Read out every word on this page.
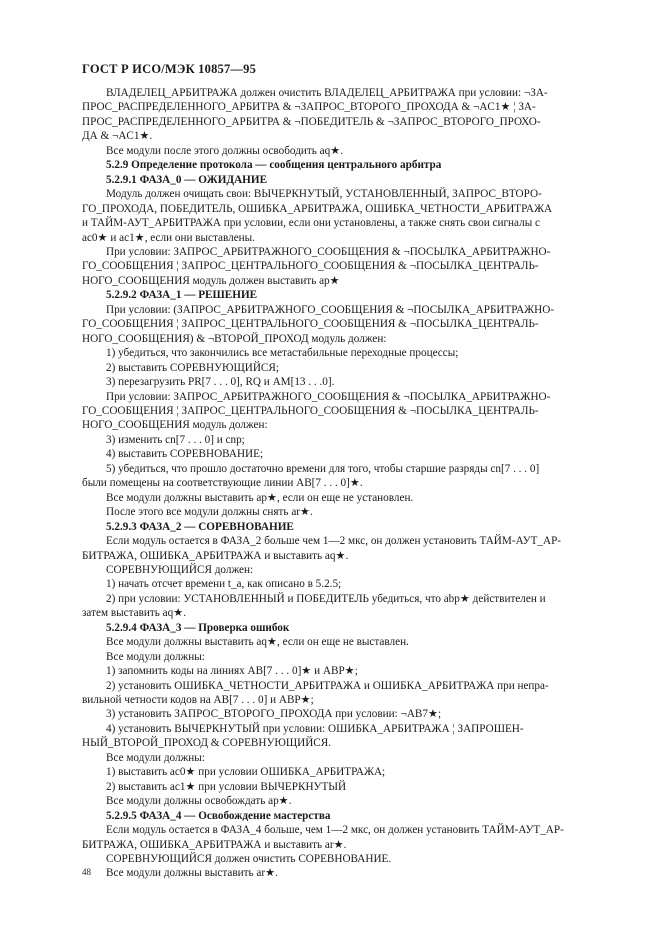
ГОСТ Р ИСО/МЭК 10857—95
ВЛАДЕЛЕЦ_АРБИТРАЖА должен очистить ВЛАДЕЛЕЦ_АРБИТРАЖА при условии: ¬ЗА-
ПРОС_РАСПРЕДЕЛЕННОГО_АРБИТРА & ¬ЗАПРОС_ВТОРОГО_ПРОХОДА & ¬AC1★ ¦ ЗА-
ПРОС_РАСПРЕДЕЛЕННОГО_АРБИТРА & ¬ПОБЕДИТЕЛЬ & ¬ЗАПРОС_ВТОРОГО_ПРОХО-
ДА & ¬AC1★.
Все модули после этого должны освободить aq★.
5.2.9 Определение протокола — сообщения центрального арбитра
5.2.9.1 ФАЗА_0 — ОЖИДАНИЕ
Модуль должен очищать свои: ВЫЧЕРКНУТЫЙ, УСТАНОВЛЕННЫЙ, ЗАПРОС_ВТОРО-
ГО_ПРОХОДА, ПОБЕДИТЕЛЬ, ОШИБКА_АРБИТРАЖА, ОШИБКА_ЧЕТНОСТИ_АРБИТРАЖА
и ТАЙМ-АУТ_АРБИТРАЖА при условии, если они установлены, а также снять свои сигналы с
ac0★ и ac1★, если они выставлены.
При условии: ЗАПРОС_АРБИТРАЖНОГО_СООБЩЕНИЯ & ¬ПОСЫЛКА_АРБИТРАЖНО-
ГО_СООБЩЕНИЯ ¦ ЗАПРОС_ЦЕНТРАЛЬНОГО_СООБЩЕНИЯ & ¬ПОСЫЛКА_ЦЕНТРАЛЬ-
НОГО_СООБЩЕНИЯ модуль должен выставить ap★
5.2.9.2 ФАЗА_1 — РЕШЕНИЕ
При условии: (ЗАПРОС_АРБИТРАЖНОГО_СООБЩЕНИЯ & ¬ПОСЫЛКА_АРБИТРАЖНО-
ГО_СООБЩЕНИЯ ¦ ЗАПРОС_ЦЕНТРАЛЬНОГО_СООБЩЕНИЯ & ¬ПОСЫЛКА_ЦЕНТРАЛЬ-
НОГО_СООБЩЕНИЯ) & ¬ВТОРОЙ_ПРОХОД модуль должен:
1) убедиться, что закончились все метастабильные переходные процессы;
2) выставить СОРЕВНУЮЩИЙСЯ;
3) перезагрузить PR[7 . . . 0], RQ и AM[13 . . .0].
При условии: ЗАПРОС_АРБИТРАЖНОГО_СООБЩЕНИЯ & ¬ПОСЫЛКА_АРБИТРАЖНО-
ГО_СООБЩЕНИЯ ¦ ЗАПРОС_ЦЕНТРАЛЬНОГО_СООБЩЕНИЯ & ¬ПОСЫЛКА_ЦЕНТРАЛЬ-
НОГО_СООБЩЕНИЯ модуль должен:
3) изменить cn[7 . . . 0] и cnp;
4) выставить СОРЕВНОВАНИЕ;
5) убедиться, что прошло достаточно времени для того, чтобы старшие разряды cn[7 . . . 0]
были помещены на соответствующие линии AB[7 . . . 0]★.
Все модули должны выставить ap★, если он еще не установлен.
После этого все модули должны снять ar★.
5.2.9.3 ФАЗА_2 — СОРЕВНОВАНИЕ
Если модуль остается в ФАЗА_2 больше чем 1—2 мкс, он должен установить ТАЙМ-АУТ_АР-
БИТРАЖА, ОШИБКА_АРБИТРАЖА и выставить aq★.
СОРЕВНУЮЩИЙСЯ должен:
1) начать отсчет времени t_a, как описано в 5.2.5;
2) при условии: УСТАНОВЛЕННЫЙ и ПОБЕДИТЕЛЬ убедиться, что abp★ действителен и
затем выставить aq★.
5.2.9.4 ФАЗА_3 — Проверка ошибок
Все модули должны выставить aq★, если он еще не выставлен.
Все модули должны:
1) запомнить коды на линиях AB[7 . . . 0]★ и ABP★;
2) установить ОШИБКА_ЧЕТНОСТИ_АРБИТРАЖА и ОШИБКА_АРБИТРАЖА при непра-
вильной четности кодов на AB[7 . . . 0] и ABP★;
3) установить ЗАПРОС_ВТОРОГО_ПРОХОДА при условии: ¬AB7★;
4) установить ВЫЧЕРКНУТЫЙ при условии: ОШИБКА_АРБИТРАЖА ¦ ЗАПРОШЕН-
НЫЙ_ВТОРОЙ_ПРОХОД & СОРЕВНУЮЩИЙСЯ.
Все модули должны:
1) выставить ac0★ при условии ОШИБКА_АРБИТРАЖА;
2) выставить ac1★ при условии ВЫЧЕРКНУТЫЙ
Все модули должны освобождать ap★.
5.2.9.5 ФАЗА_4 — Освобождение мастерства
Если модуль остается в ФАЗА_4 больше, чем 1—2 мкс, он должен установить ТАЙМ-АУТ_АР-
БИТРАЖА, ОШИБКА_АРБИТРАЖА и выставить ar★.
СОРЕВНУЮЩИЙСЯ должен очистить СОРЕВНОВАНИЕ.
Все модули должны выставить ar★.
48
